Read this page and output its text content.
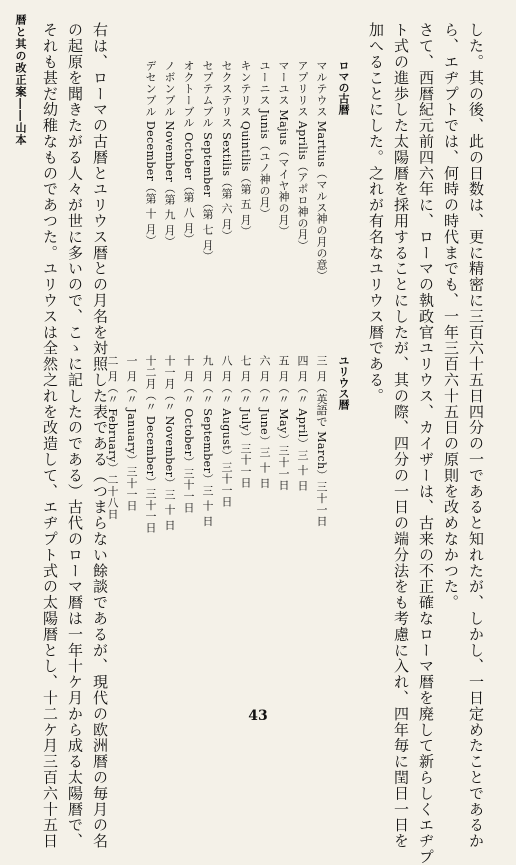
暦と其の改正案――山本	した。其の後、此の日数は、更に精密に三百六十五日四分の一であると知れたが、しかし、一日定めたことであるか
ら、エヂプトでは、何時の時代までも、一年三百六十五日の原則を改めなかつた。
さて、西暦紀元前四六年に、ローマの執政官ユリウス、カイザーは、古来の不正確なローマ暦を廃して新らしくエヂプ
ト式の進歩した太陽暦を採用することにしたが、其の際、四分の一日の端分法をも考慮に入れ、四年毎に閏日一日を
加へることにした。之れが有名なユリウス暦である。
ロマの古暦
ユリウス暦
マルテウス Martius（マルス神の月の意）
三 月（英語で March）三十一日
アプリリス Aprilis（アポロ神の月）
四 月（〃 April）三 十 日
マーユス Majus（マイヤ神の月）
五 月（〃 May）三十一日
ユーニス Junis（ユノ神の月）
六 月（〃 June）三 十 日
キンテリス Quintilis（第 五 月）
七 月（〃 July）三十一日
セクステリス Sextilis（第 六 月）
八 月（〃 August）三十一日
セプテムブル September（第 七 月）
九 月（〃 September）三 十 日
オクトーブル October（第 八 月）
十 月（〃 October）三十一日
ノボンブル November（第 九 月）
十一月（〃 November）三 十 日
デセンブル December（第 十 月）
十二月（〃 December）三十一日
一 月（〃 January）三十一日
二 月（〃 February）二十八日
右は、ローマの古暦とユリウス暦との月名を対照した表である（つまらない餘談であるが、現代の欧洲暦の毎月の名
の起原を聞きたがる人々が世に多いので、こゝに記したのである）古代のローマ暦は一年十ケ月から成る太陽暦で、
それも甚だ幼稚なものであつた。ユリウスは全然之れを改造して、エヂプト式の太陽暦とし、十二ケ月三百六十五日	43
